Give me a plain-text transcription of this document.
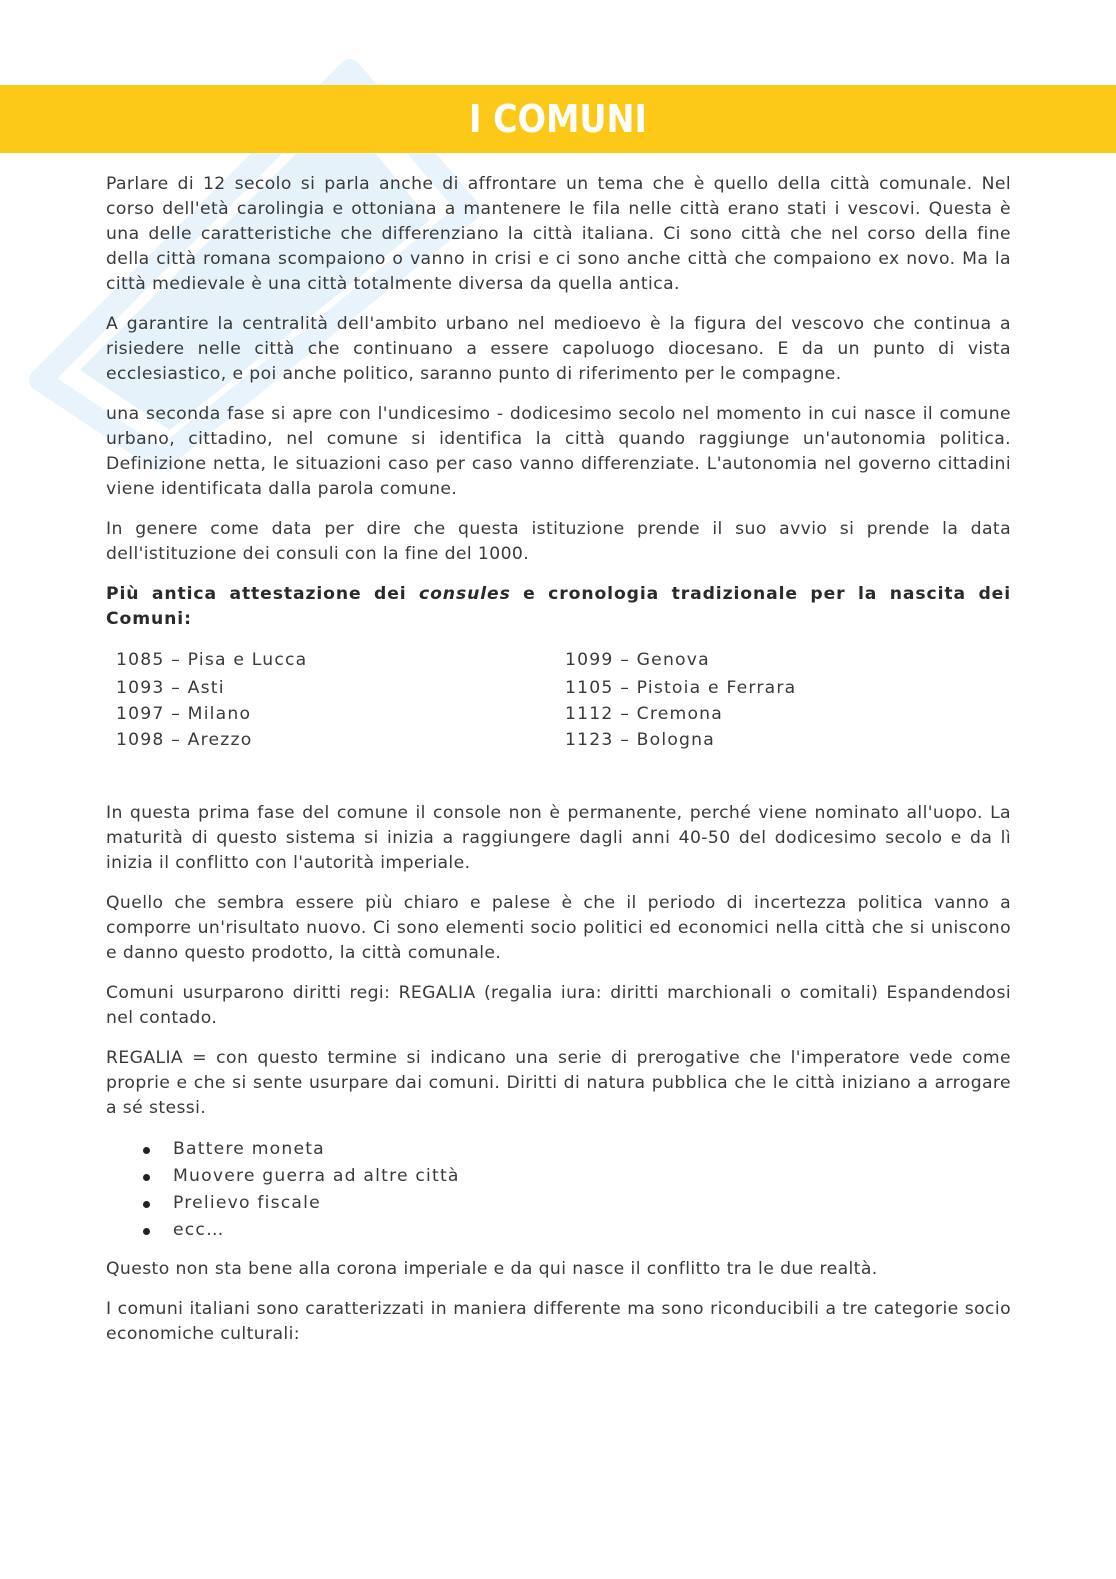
I COMUNI

Parlare di 12 secolo si parla anche di affrontare un tema che è quello della città comunale. Nel corso dell'età carolingia e ottoniana a mantenere le fila nelle città erano stati i vescovi. Questa è una delle caratteristiche che differenziano la città italiana. Ci sono città che nel corso della fine della città romana scompaiono o vanno in crisi e ci sono anche città che compaiono ex novo. Ma la città medievale è una città totalmente diversa da quella antica.

A garantire la centralità dell'ambito urbano nel medioevo è la figura del vescovo che continua a risiedere nelle città che continuano a essere capoluogo diocesano. E da un punto di vista ecclesiastico, e poi anche politico, saranno punto di riferimento per le compagne.

una seconda fase si apre con l'undicesimo - dodicesimo secolo nel momento in cui nasce il comune urbano, cittadino, nel comune si identifica la città quando raggiunge un'autonomia politica. Definizione netta, le situazioni caso per caso vanno differenziate. L'autonomia nel governo cittadini viene identificata dalla parola comune.

In genere come data per dire che questa istituzione prende il suo avvio si prende la data dell'istituzione dei consuli con la fine del 1000.

Più antica attestazione dei consules e cronologia tradizionale per la nascita dei Comuni:

1085 – Pisa e Lucca	1099 – Genova
1093 – Asti	1105 – Pistoia e Ferrara
1097 – Milano	1112 – Cremona
1098 – Arezzo	1123 – Bologna

In questa prima fase del comune il console non è permanente, perché viene nominato all'uopo. La maturità di questo sistema si inizia a raggiungere dagli anni 40-50 del dodicesimo secolo e da lì inizia il conflitto con l'autorità imperiale.

Quello che sembra essere più chiaro e palese è che il periodo di incertezza politica vanno a comporre un'risultato nuovo. Ci sono elementi socio politici ed economici nella città che si uniscono e danno questo prodotto, la città comunale.

Comuni usurparono diritti regi: REGALIA (regalia iura: diritti marchionali o comitali) Espandendosi nel contado.

REGALIA = con questo termine si indicano una serie di prerogative che l'imperatore vede come proprie e che si sente usurpare dai comuni. Diritti di natura pubblica che le città iniziano a arrogare a sé stessi.

Battere moneta
Muovere guerra ad altre città
Prelievo fiscale
ecc…

Questo non sta bene alla corona imperiale e da qui nasce il conflitto tra le due realtà.

I comuni italiani sono caratterizzati in maniera differente ma sono riconducibili a tre categorie socio economiche culturali:
